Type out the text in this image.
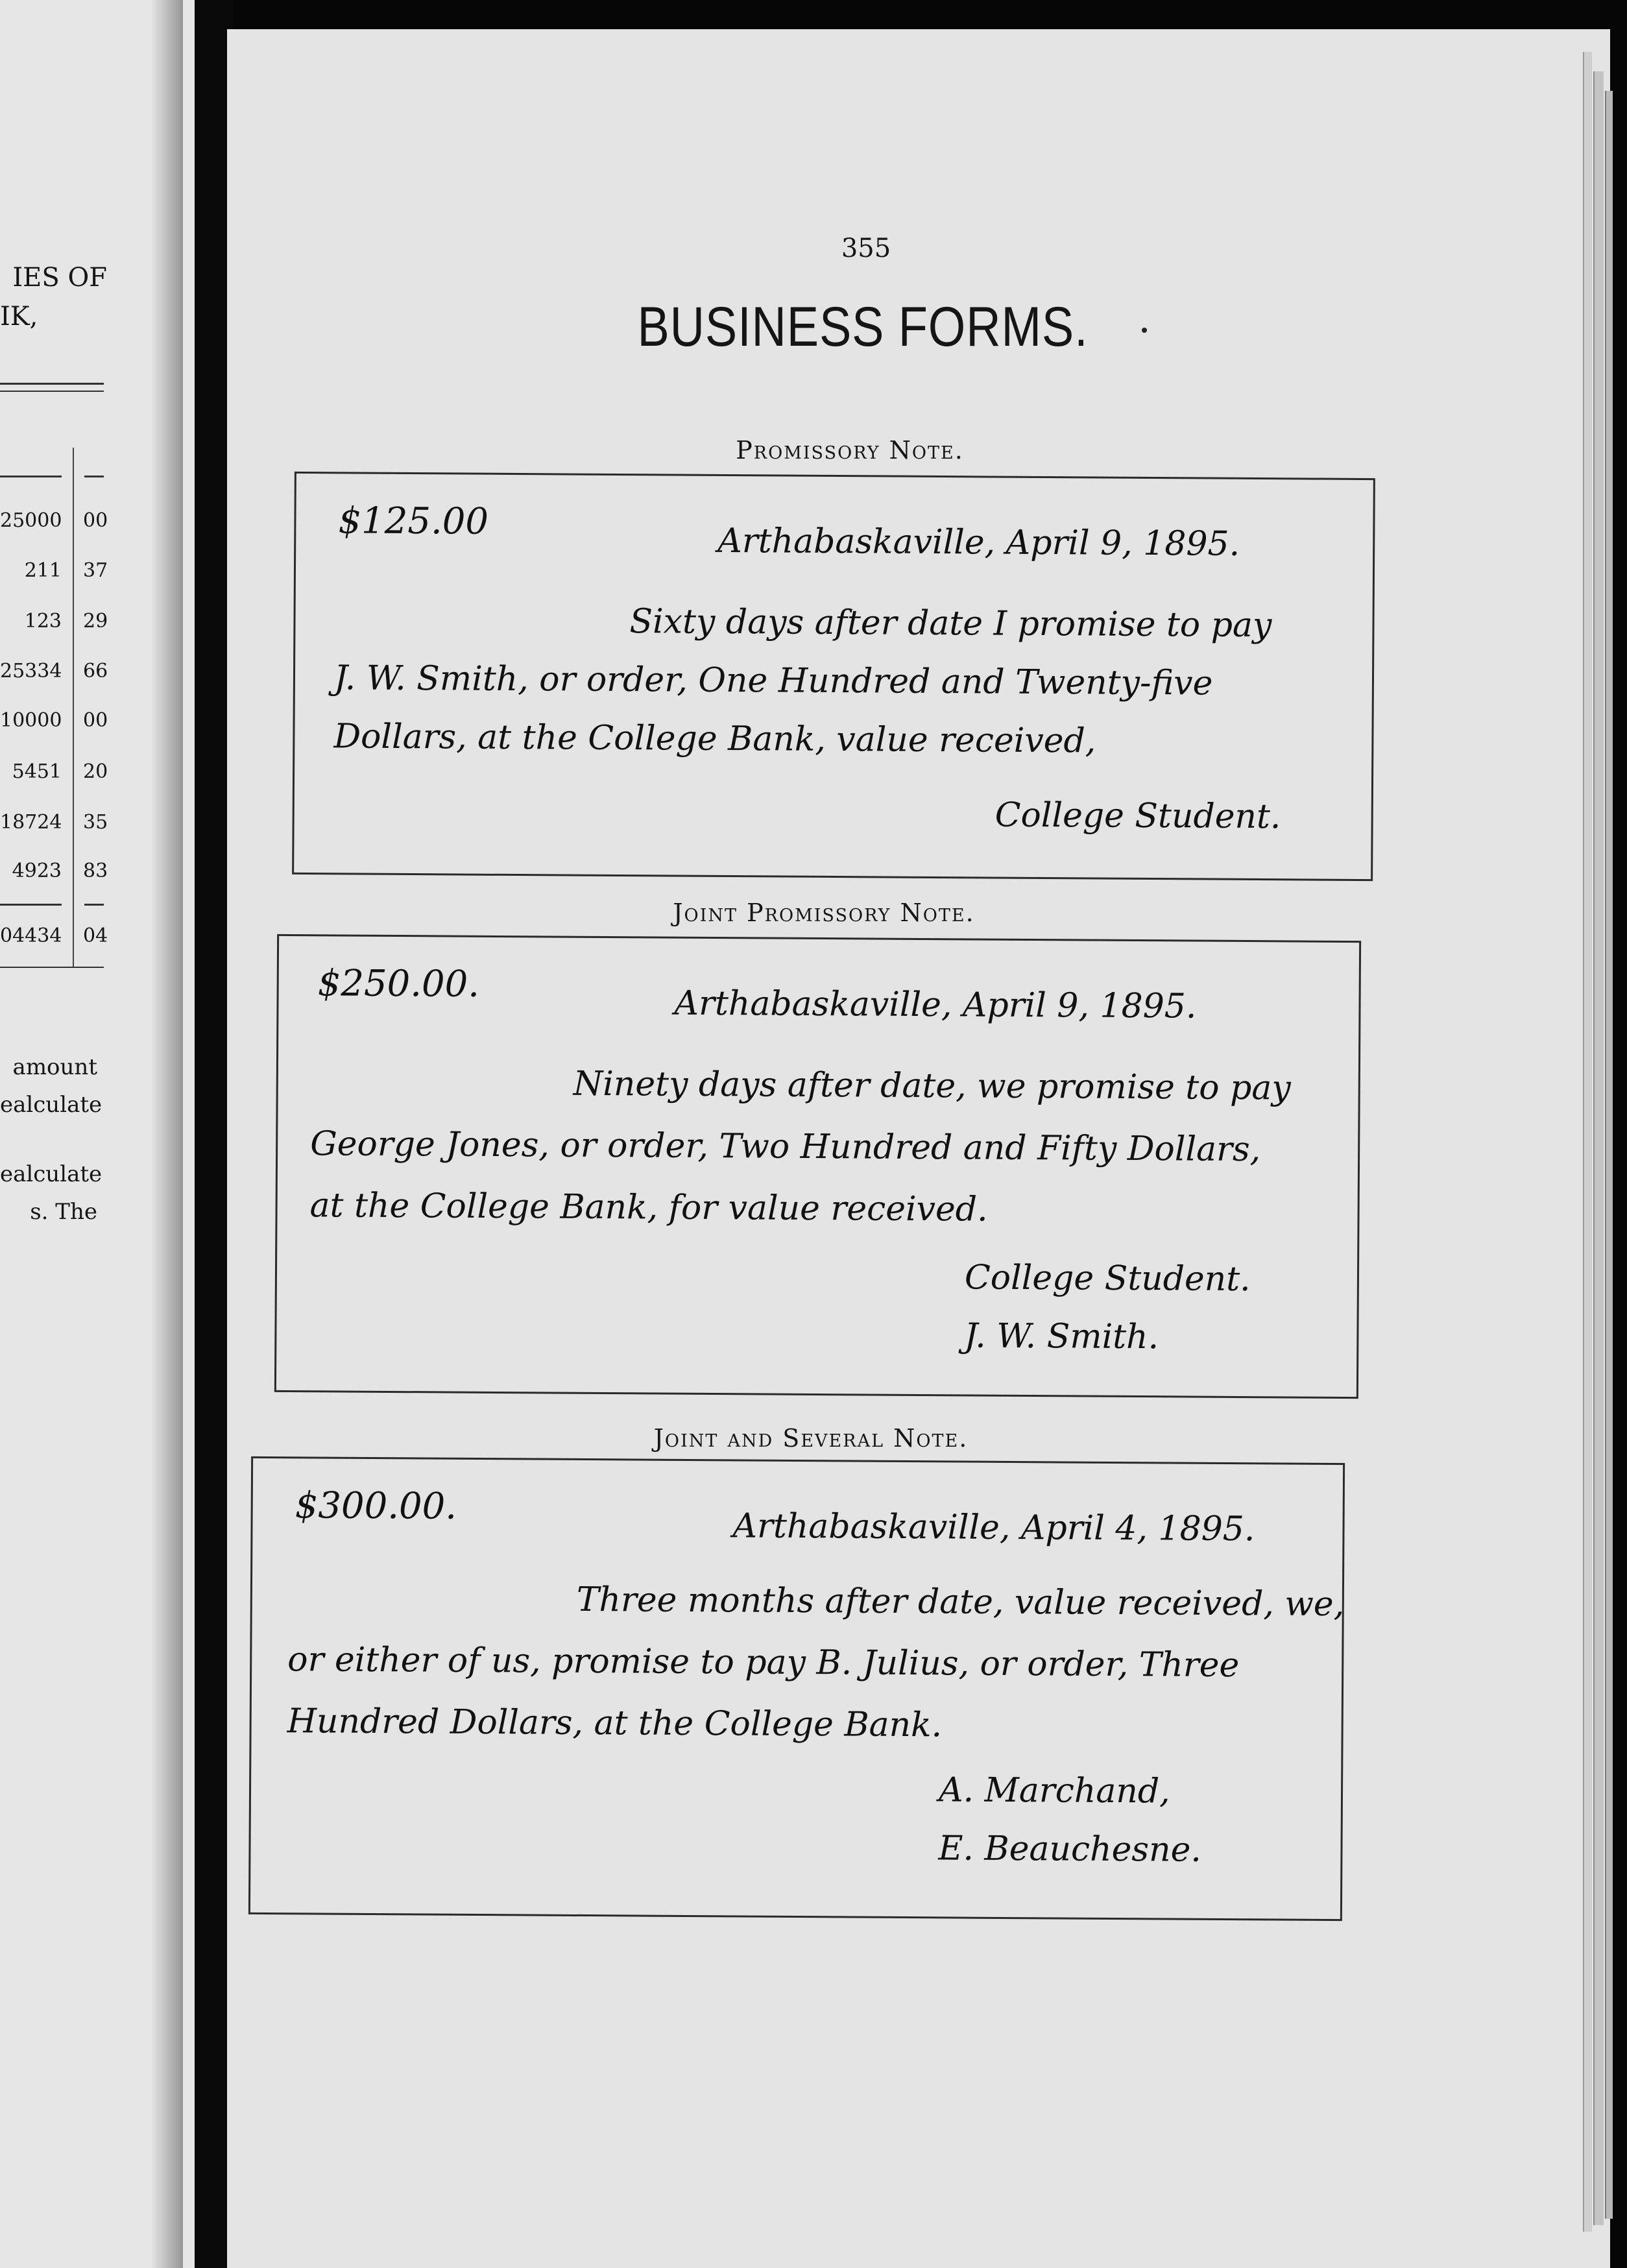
IES OF
IK,
25000 00
211 37
123 29
25334 66
10000 00
5451 20
18724 35
4923 83
04434 04
amount
ealculate
ealculate
s. The
355
BUSINESS FORMS.
Promissory Note.
$125.00	Arthabaskaville, April 9, 1895.
Sixty days after date I promise to pay
J. W. Smith, or order, One Hundred and Twenty-five
Dollars, at the College Bank, value received,
College Student.
Joint Promissory Note.
$250.00.	Arthabaskaville, April 9, 1895.
Ninety days after date, we promise to pay
George Jones, or order, Two Hundred and Fifty Dollars,
at the College Bank, for value received.
College Student.
J. W. Smith.
Joint and Several Note.
$300.00.
Arthabaskaville, April 4, 1895.
Three months after date, value received, we,
or either of us, promise to pay B. Julius, or order, Three
Hundred Dollars, at the College Bank.
A. Marchand,
E. Beauchesne.
